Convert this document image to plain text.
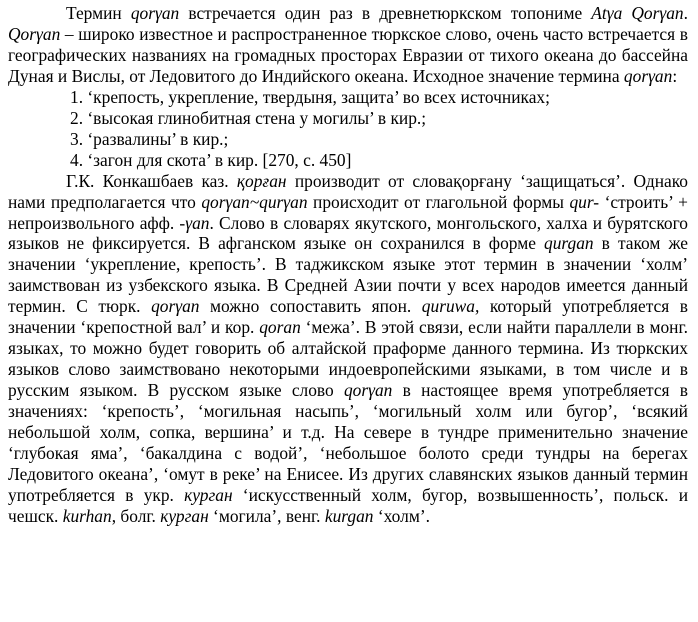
Термин qorγan встречается один раз в древнетюркском топониме Atγa Qorγan. Qorγan – широко известное и распространенное тюркское слово, очень часто встречается в географических названиях на громадных просторах Евразии от тихого океана до бассейна Дуная и Вислы, от Ледовитого до Индийского океана. Исходное значение термина qorγan:

1. ‘крепость, укрепление, твердыня, защита’ во всех источниках;
2. ‘высокая глинобитная стена у могилы’ в кир.;
3. ‘развалины’ в кир.;
4. ‘загон для скота’ в кир. [270, с. 450]

Г.К. Конкашбаев каз. қорған производит от словақорғану ‘защищаться’. Однако нами предполагается что qorγan~qurγan происходит от глагольной формы qur- ‘строить’ + непроизвольного афф. -γan. Слово в словарях якутского, монгольского, халха и бурятского языков не фиксируется. В афганском языке он сохранился в форме qurgan в таком же значении ‘укрепление, крепость’. В таджикском языке этот термин в значении ‘холм’ заимствован из узбекского языка. В Средней Азии почти у всех народов имеется данный термин. С тюрк. qorγan можно сопоставить япон. quruwa, который употребляется в значении ‘крепостной вал’ и кор. qoran ‘межа’. В этой связи, если найти параллели в монг. языках, то можно будет говорить об алтайской праформе данного термина. Из тюркских языков слово заимствовано некоторыми индоевропейскими языками, в том числе и в русским языком. В русском языке слово qorγan в настоящее время употребляется в значениях: ‘крепость’, ‘могильная насыпь’, ‘могильный холм или бугор’, ‘всякий небольшой холм, сопка, вершина’ и т.д. На севере в тундре применительно значение ‘глубокая яма’, ‘бакалдина с водой’, ‘небольшое болото среди тундры на берегах Ледовитого океана’, ‘омут в реке’ на Енисее. Из других славянских языков данный термин употребляется в укр. курган ‘искусственный холм, бугор, возвышенность’, польск. и чешск. kurhan, болг. курган ‘могила’, венг. kurgan ‘холм’.
